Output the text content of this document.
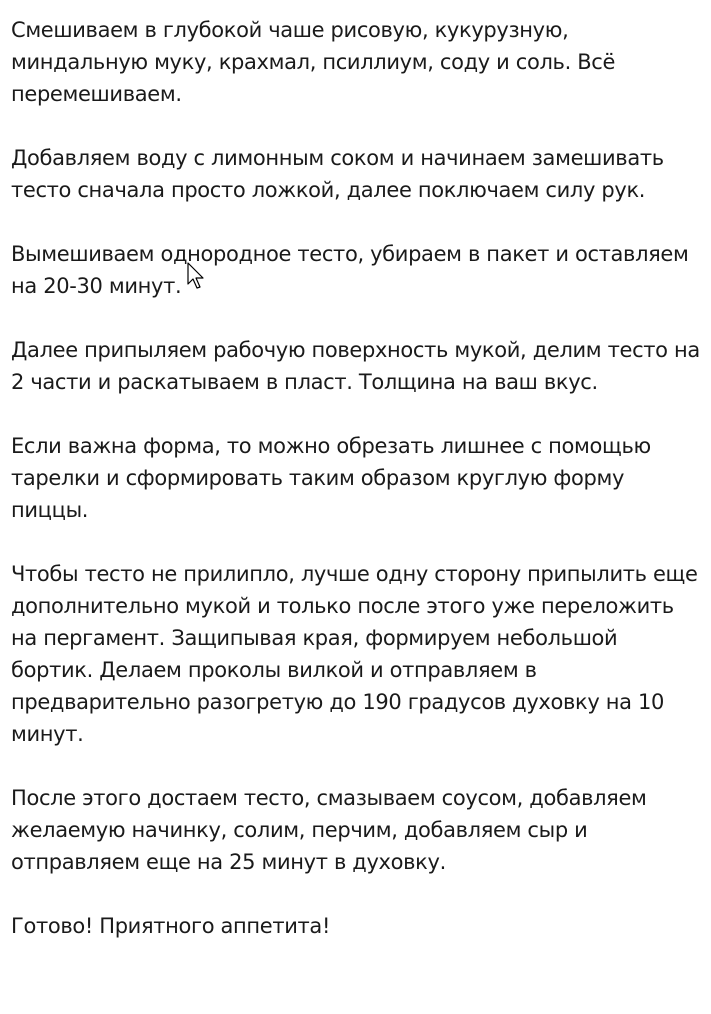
Смешиваем в глубокой чаше рисовую, кукурузную, миндальную муку, крахмал, псиллиум, соду и соль. Всё перемешиваем.

Добавляем воду с лимонным соком и начинаем замешивать тесто сначала просто ложкой, далее поключаем силу рук.

Вымешиваем однородное тесто, убираем в пакет и оставляем на 20-30 минут.

Далее припыляем рабочую поверхность мукой, делим тесто на 2 части и раскатываем в пласт. Толщина на ваш вкус.

Если важна форма, то можно обрезать лишнее с помощью тарелки и сформировать таким образом круглую форму пиццы.

Чтобы тесто не прилипло, лучше одну сторону припылить еще дополнительно мукой и только после этого уже переложить на пергамент. Защипывая края, формируем небольшой бортик. Делаем проколы вилкой и отправляем в предварительно разогретую до 190 градусов духовку на 10 минут.

После этого достаем тесто, смазываем соусом, добавляем желаемую начинку, солим, перчим, добавляем сыр и отправляем еще на 25 минут в духовку.

Готово! Приятного аппетита!
